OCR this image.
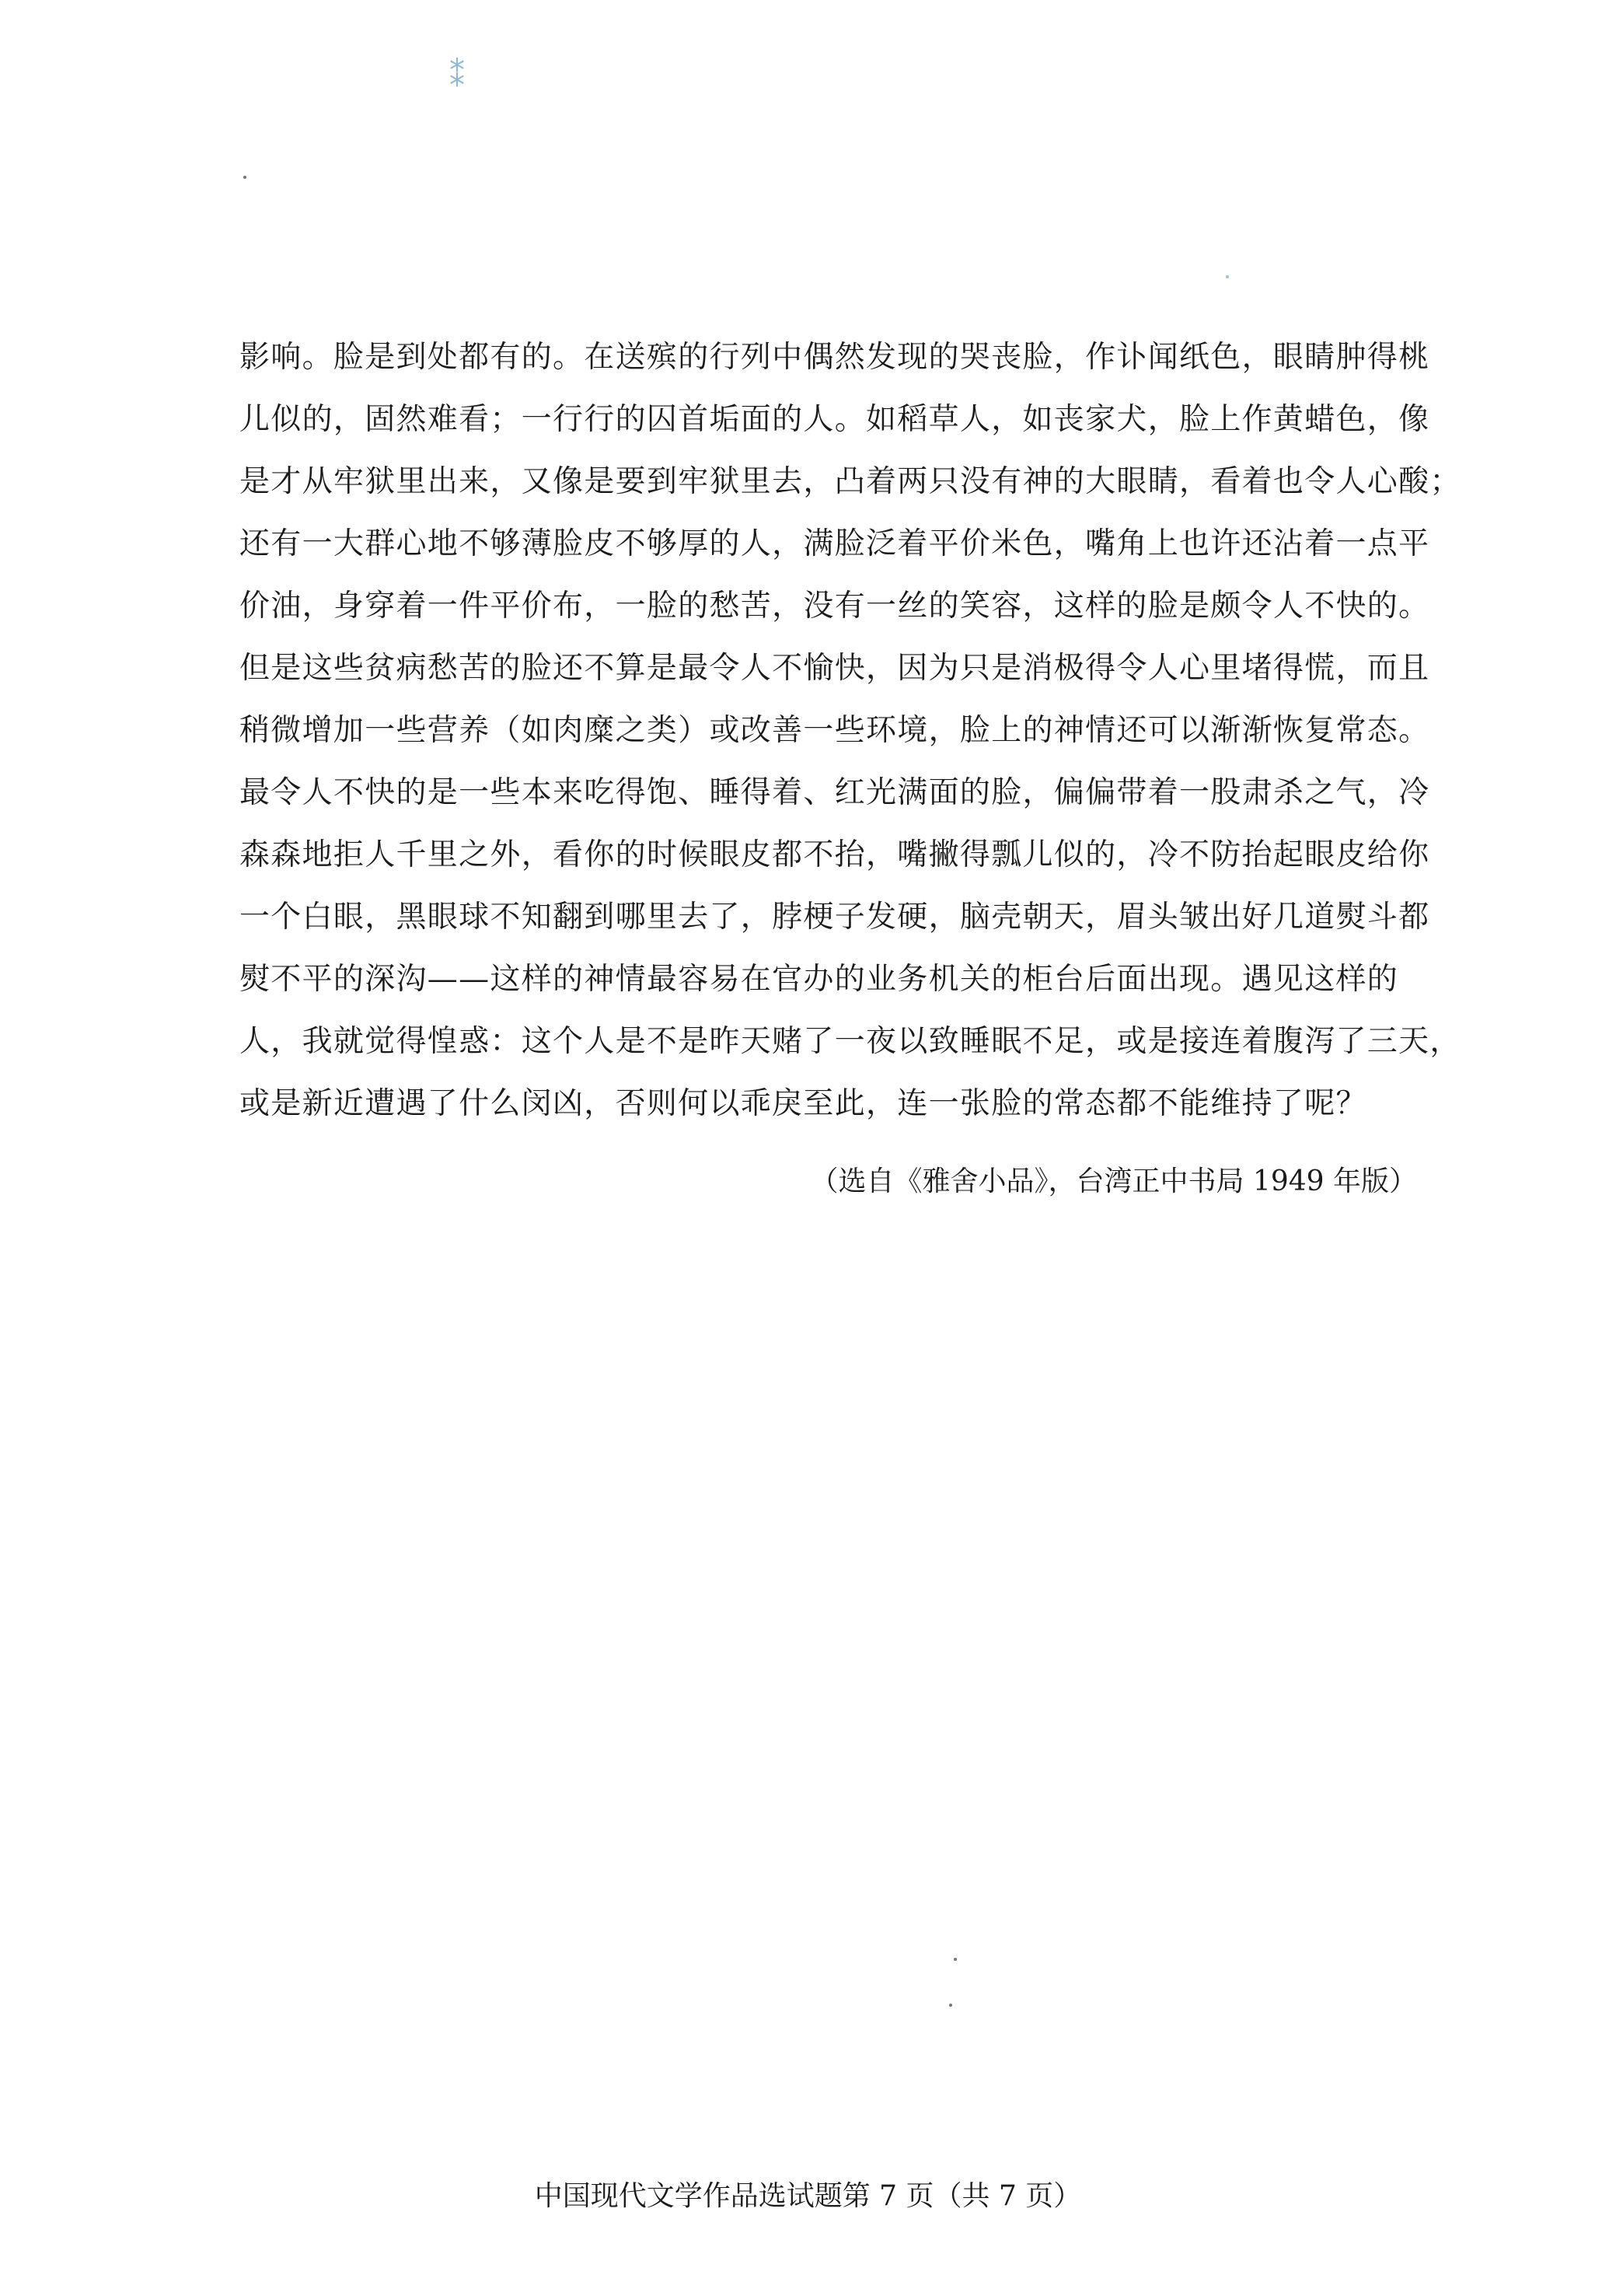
⁑
影响。脸是到处都有的。在送殡的行列中偶然发现的哭丧脸，作讣闻纸色，眼睛肿得桃
儿似的，固然难看；一行行的囚首垢面的人。如稻草人，如丧家犬，脸上作黄蜡色，像
是才从牢狱里出来，又像是要到牢狱里去，凸着两只没有神的大眼睛，看着也令人心酸；
还有一大群心地不够薄脸皮不够厚的人，满脸泛着平价米色，嘴角上也许还沾着一点平
价油，身穿着一件平价布，一脸的愁苦，没有一丝的笑容，这样的脸是颇令人不快的。
但是这些贫病愁苦的脸还不算是最令人不愉快，因为只是消极得令人心里堵得慌，而且
稍微增加一些营养（如肉糜之类）或改善一些环境，脸上的神情还可以渐渐恢复常态。
最令人不快的是一些本来吃得饱、睡得着、红光满面的脸，偏偏带着一股肃杀之气，冷
森森地拒人千里之外，看你的时候眼皮都不抬，嘴撇得瓢儿似的，冷不防抬起眼皮给你
一个白眼，黑眼球不知翻到哪里去了，脖梗子发硬，脑壳朝天，眉头皱出好几道熨斗都
熨不平的深沟——这样的神情最容易在官办的业务机关的柜台后面出现。遇见这样的
人，我就觉得惶惑：这个人是不是昨天赌了一夜以致睡眠不足，或是接连着腹泻了三天，
或是新近遭遇了什么闵凶，否则何以乖戾至此，连一张脸的常态都不能维持了呢？
（选自《雅舍小品》，台湾正中书局 1949 年版）
中国现代文学作品选试题第 7 页（共 7 页）
